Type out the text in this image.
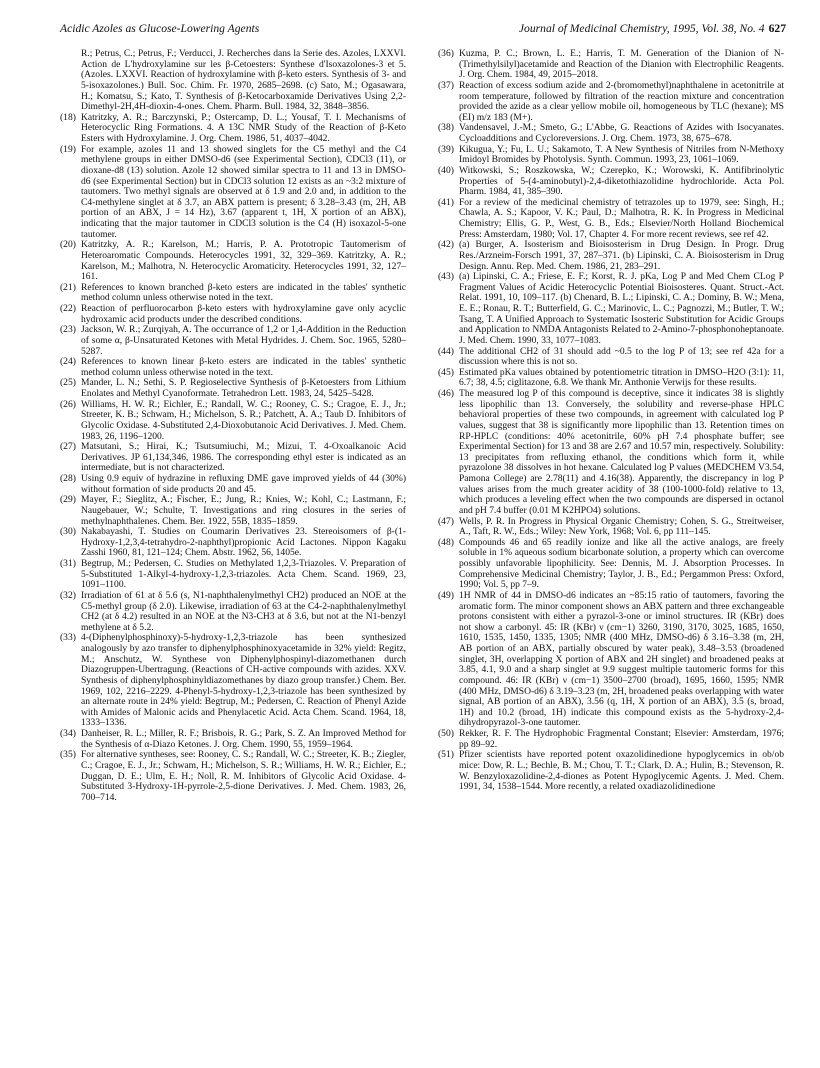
Acidic Azoles as Glucose-Lowering Agents	Journal of Medicinal Chemistry, 1995, Vol. 38, No. 4 627

R.; Petrus, C.; Petrus, F.; Verducci, J. Recherches dans la Serie des. Azoles, LXXVI. Action de L'hydroxylamine sur les β-Cetoesters: Synthese d'Isoxazolones-3 et 5. (Azoles. LXXVI. Reaction of hydroxylamine with β-keto esters. Synthesis of 3- and 5-isoxazolones.) Bull. Soc. Chim. Fr. 1970, 2685–2698. (c) Sato, M.; Ogasawara, H.; Komatsu, S.; Kato, T. Synthesis of β-Ketocarboxamide Derivatives Using 2,2-Dimethyl-2H,4H-dioxin-4-ones. Chem. Pharm. Bull. 1984, 32, 3848–3856.

(18) Katritzky, A. R.; Barczynski, P.; Ostercamp, D. L.; Yousaf, T. I. Mechanisms of Heterocyclic Ring Formations. 4. A 13C NMR Study of the Reaction of β-Keto Esters with Hydroxylamine. J. Org. Chem. 1986, 51, 4037–4042.

(19) For example, azoles 11 and 13 showed singlets for the C5 methyl and the C4 methylene groups in either DMSO-d6 (see Experimental Section), CDCl3 (11), or dioxane-d8 (13) solution. Azole 12 showed similar spectra to 11 and 13 in DMSO-d6 (see Experimental Section) but in CDCl3 solution 12 exists as an ~3:2 mixture of tautomers. Two methyl signals are observed at δ 1.9 and 2.0 and, in addition to the C4-methylene singlet at δ 3.7, an ABX pattern is present; δ 3.28–3.43 (m, 2H, AB portion of an ABX, J = 14 Hz), 3.67 (apparent t, 1H, X portion of an ABX), indicating that the major tautomer in CDCl3 solution is the C4 (H) isoxazol-5-one tautomer.

(20) Katritzky, A. R.; Karelson, M.; Harris, P. A. Prototropic Tautomerism of Heteroaromatic Compounds. Heterocycles 1991, 32, 329–369. Katritzky, A. R.; Karelson, M.; Malhotra, N. Heterocyclic Aromaticity. Heterocycles 1991, 32, 127–161.

(21) References to known branched β-keto esters are indicated in the tables' synthetic method column unless otherwise noted in the text.

(22) Reaction of perfluorocarbon β-keto esters with hydroxylamine gave only acyclic hydroxamic acid products under the described conditions.

(23) Jackson, W. R.; Zurqiyah, A. The occurrance of 1,2 or 1,4-Addition in the Reduction of some α, β-Unsaturated Ketones with Metal Hydrides. J. Chem. Soc. 1965, 5280–5287.

(24) References to known linear β-keto esters are indicated in the tables' synthetic method column unless otherwise noted in the text.

(25) Mander, L. N.; Sethi, S. P. Regioselective Synthesis of β-Ketoesters from Lithium Enolates and Methyl Cyanoformate. Tetrahedron Lett. 1983, 24, 5425–5428.

(26) Williams, H. W. R.; Eichler, E.; Randall, W. C.; Rooney, C. S.; Cragoe, E. J., Jr.; Streeter, K. B.; Schwam, H.; Michelson, S. R.; Patchett, A. A.; Taub D. Inhibitors of Glycolic Oxidase. 4-Substituted 2,4-Dioxobutanoic Acid Derivatives. J. Med. Chem. 1983, 26, 1196–1200.

(27) Matsutani, S.; Hirai, K.; Tsutsumiuchi, M.; Mizui, T. 4-Oxoalkanoic Acid Derivatives. JP 61,134,346, 1986. The corresponding ethyl ester is indicated as an intermediate, but is not characterized.

(28) Using 0.9 equiv of hydrazine in refluxing DME gave improved yields of 44 (30%) without formation of side products 20 and 45.

(29) Mayer, F.; Sieglitz, A.; Fischer, E.; Jung, R.; Knies, W.; Kohl, C.; Lastmann, F.; Naugebauer, W.; Schulte, T. Investigations and ring closures in the series of methylnaphthalenes. Chem. Ber. 1922, 55B, 1835–1859.

(30) Nakabayashi, T. Studies on Coumarin Derivatives 23. Stereoisomers of β-(1-Hydroxy-1,2,3,4-tetrahydro-2-naphthyl)propionic Acid Lactones. Nippon Kagaku Zasshi 1960, 81, 121–124; Chem. Abstr. 1962, 56, 1405e.

(31) Begtrup, M.; Pedersen, C. Studies on Methylated 1,2,3-Triazoles. V. Preparation of 5-Substituted 1-Alkyl-4-hydroxy-1,2,3-triazoles. Acta Chem. Scand. 1969, 23, 1091–1100.

(32) Irradiation of 61 at δ 5.6 (s, N1-naphthalenylmethyl CH2) produced an NOE at the C5-methyl group (δ 2.0). Likewise, irradiation of 63 at the C4-2-naphthalenylmethyl CH2 (at δ 4.2) resulted in an NOE at the N3-CH3 at δ 3.6, but not at the N1-benzyl methylene at δ 5.2.

(33) 4-(Diphenylphosphinoxy)-5-hydroxy-1,2,3-triazole has been synthesized analogously by azo transfer to diphenylphosphinoxyacetamide in 32% yield: Regitz, M.; Anschutz, W. Synthese von Diphenylphospinyl-diazomethanen durch Diazogruppen-Ubertragung. (Reactions of CH-active compounds with azides. XXV. Synthesis of diphenylphosphinyldiazomethanes by diazo group transfer.) Chem. Ber. 1969, 102, 2216–2229. 4-Phenyl-5-hydroxy-1,2,3-triazole has been synthesized by an alternate route in 24% yield: Begtrup, M.; Pedersen, C. Reaction of Phenyl Azide with Amides of Malonic acids and Phenylacetic Acid. Acta Chem. Scand. 1964, 18, 1333–1336.

(34) Danheiser, R. L.; Miller, R. F.; Brisbois, R. G.; Park, S. Z. An Improved Method for the Synthesis of α-Diazo Ketones. J. Org. Chem. 1990, 55, 1959–1964.

(35) For alternative syntheses, see: Rooney, C. S.; Randall, W. C.; Streeter, K. B.; Ziegler, C.; Cragoe, E. J., Jr.; Schwam, H.; Michelson, S. R.; Williams, H. W. R.; Eichler, E.; Duggan, D. E.; Ulm, E. H.; Noll, R. M. Inhibitors of Glycolic Acid Oxidase. 4-Substituted 3-Hydroxy-1H-pyrrole-2,5-dione Derivatives. J. Med. Chem. 1983, 26, 700–714.

(36) Kuzma, P. C.; Brown, L. E.; Harris, T. M. Generation of the Dianion of N-(Trimethylsilyl)acetamide and Reaction of the Dianion with Electrophilic Reagents. J. Org. Chem. 1984, 49, 2015–2018.

(37) Reaction of excess sodium azide and 2-(bromomethyl)naphthalene in acetonitrile at room temperature, followed by filtration of the reaction mixture and concentration provided the azide as a clear yellow mobile oil, homogeneous by TLC (hexane); MS (EI) m/z 183 (M+).

(38) Vandensavel, J.-M.; Smeto, G.; L'Abbe, G. Reactions of Azides with Isocyanates. Cycloadditions and Cycloreversions. J. Org. Chem. 1973, 38, 675–678.

(39) Kikugua, Y.; Fu, L. U.; Sakamoto, T. A New Synthesis of Nitriles from N-Methoxy Imidoyl Bromides by Photolysis. Synth. Commun. 1993, 23, 1061–1069.

(40) Witkowski, S.; Roszkowska, W.; Czerepko, K.; Worowski, K. Antifibrinolytic Properties of 5-(4-aminobutyl)-2,4-diketothiazolidine hydrochloride. Acta Pol. Pharm. 1984, 41, 385–390.

(41) For a review of the medicinal chemistry of tetrazoles up to 1979, see: Singh, H.; Chawla, A. S.; Kapoor, V. K.; Paul, D.; Malhotra, R. K. In Progress in Medicinal Chemistry; Ellis, G. P., West, G. B., Eds.; Elsevier/North Holland Biochemical Press: Amsterdam, 1980; Vol. 17, Chapter 4. For more recent reviews, see ref 42.

(42) (a) Burger, A. Isosterism and Bioisosterism in Drug Design. In Progr. Drug Res./Arzneim-Forsch 1991, 37, 287–371. (b) Lipinski, C. A. Bioisosterism in Drug Design. Annu. Rep. Med. Chem. 1986, 21, 283–291.

(43) (a) Lipinski, C. A.; Friese, E. F.; Korst, R. J. pKa, Log P and Med Chem CLog P Fragment Values of Acidic Heterocyclic Potential Bioisosteres. Quant. Struct.-Act. Relat. 1991, 10, 109–117. (b) Chenard, B. L.; Lipinski, C. A.; Dominy, B. W.; Mena, E. E.; Ronau, R. T.; Butterfield, G. C.; Marinovic, L. C.; Pagnozzi, M.; Butler, T. W.; Tsang, T. A Unified Approach to Systematic Isosteric Substitution for Acidic Groups and Application to NMDA Antagonists Related to 2-Amino-7-phosphonoheptanoate. J. Med. Chem. 1990, 33, 1077–1083.

(44) The additional CH2 of 31 should add ~0.5 to the log P of 13; see ref 42a for a discussion where this is not so.

(45) Estimated pKa values obtained by potentiometric titration in DMSO–H2O (3:1): 11, 6.7; 38, 4.5; ciglitazone, 6.8. We thank Mr. Anthonie Verwijs for these results.

(46) The measured log P of this compound is deceptive, since it indicates 38 is slightly less lipophilic than 13. Conversely, the solubility and reverse-phase HPLC behavioral properties of these two compounds, in agreement with calculated log P values, suggest that 38 is significantly more lipophilic than 13. Retention times on RP-HPLC (conditions: 40% acetonitrile, 60% pH 7.4 phosphate buffer; see Experimental Section) for 13 and 38 are 2.67 and 10.57 min, respectively. Solubility: 13 precipitates from refluxing ethanol, the conditions which form it, while pyrazolone 38 dissolves in hot hexane. Calculated log P values (MEDCHEM V3.54, Pamona College) are 2.78(11) and 4.16(38). Apparently, the discrepancy in log P values arises from the much greater acidity of 38 (100-1000-fold) relative to 13, which produces a leveling effect when the two compounds are dispersed in octanol and pH 7.4 buffer (0.01 M K2HPO4) solutions.

(47) Wells, P. R. In Progress in Physical Organic Chemistry; Cohen, S. G., Streitweiser, A., Taft, R. W., Eds.; Wiley: New York, 1968; Vol. 6, pp 111–145.

(48) Compounds 46 and 65 readily ionize and like all the active analogs, are freely soluble in 1% aqueous sodium bicarbonate solution, a property which can overcome possibly unfavorable lipophilicity. See: Dennis, M. J. Absorption Processes. In Comprehensive Medicinal Chemistry; Taylor, J. B., Ed.; Pergammon Press: Oxford, 1990; Vol. 5, pp 7–9.

(49) 1H NMR of 44 in DMSO-d6 indicates an ~85:15 ratio of tautomers, favoring the aromatic form. The minor component shows an ABX pattern and three exchangeable protons consistent with either a pyrazol-3-one or iminol structures. IR (KBr) does not show a carbonyl. 45: IR (KBr) ν (cm−1) 3260, 3190, 3170, 3025, 1685, 1650, 1610, 1535, 1450, 1335, 1305; NMR (400 MHz, DMSO-d6) δ 3.16–3.38 (m, 2H, AB portion of an ABX, partially obscured by water peak), 3.48–3.53 (broadened singlet, 3H, overlapping X portion of ABX and 2H singlet) and broadened peaks at 3.85, 4.1, 9.0 and a sharp singlet at 9.9 suggest multiple tautomeric forms for this compound. 46: IR (KBr) ν (cm−1) 3500–2700 (broad), 1695, 1660, 1595; NMR (400 MHz, DMSO-d6) δ 3.19–3.23 (m, 2H, broadened peaks overlapping with water signal, AB portion of an ABX), 3.56 (q, 1H, X portion of an ABX), 3.5 (s, broad, 1H) and 10.2 (broad, 1H) indicate this compound exists as the 5-hydroxy-2,4-dihydropyrazol-3-one tautomer.

(50) Rekker, R. F. The Hydrophobic Fragmental Constant; Elsevier: Amsterdam, 1976; pp 89–92.

(51) Pfizer scientists have reported potent oxazolidinedione hypoglycemics in ob/ob mice: Dow, R. L.; Bechle, B. M.; Chou, T. T.; Clark, D. A.; Hulin, B.; Stevenson, R. W. Benzyloxazolidine-2,4-diones as Potent Hypoglycemic Agents. J. Med. Chem. 1991, 34, 1538–1544. More recently, a related oxadiazolidinedione
